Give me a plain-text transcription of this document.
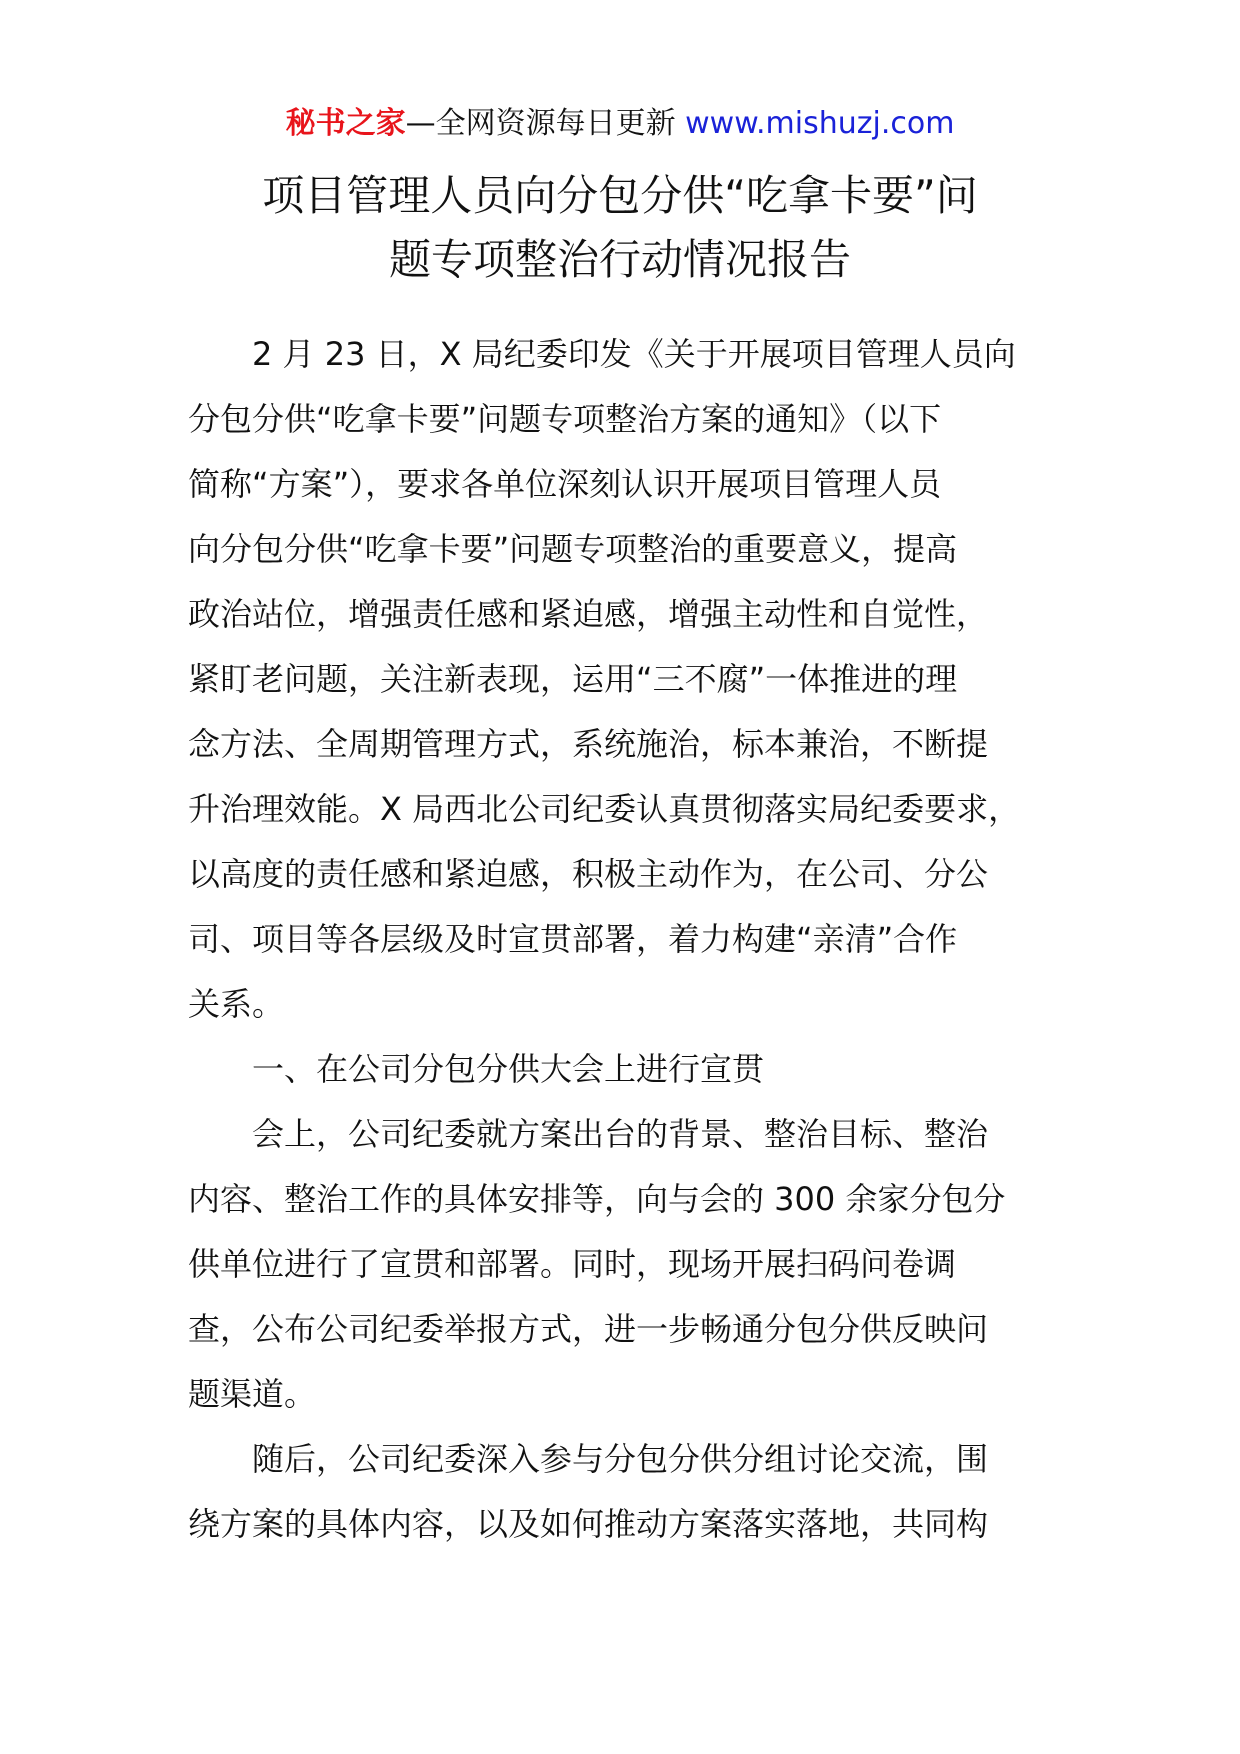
秘书之家—全网资源每日更新 www.mishuzj.com
项目管理人员向分包分供“吃拿卡要”问
题专项整治行动情况报告
　　2 月 23 日，X 局纪委印发《关于开展项目管理人员向
分包分供“吃拿卡要”问题专项整治方案的通知》（以下
简称“方案”），要求各单位深刻认识开展项目管理人员
向分包分供“吃拿卡要”问题专项整治的重要意义，提高
政治站位，增强责任感和紧迫感，增强主动性和自觉性，
紧盯老问题，关注新表现，运用“三不腐”一体推进的理
念方法、全周期管理方式，系统施治，标本兼治，不断提
升治理效能。X 局西北公司纪委认真贯彻落实局纪委要求，
以高度的责任感和紧迫感，积极主动作为，在公司、分公
司、项目等各层级及时宣贯部署，着力构建“亲清”合作
关系。
　　一、在公司分包分供大会上进行宣贯
　　会上，公司纪委就方案出台的背景、整治目标、整治
内容、整治工作的具体安排等，向与会的 300 余家分包分
供单位进行了宣贯和部署。同时，现场开展扫码问卷调
查，公布公司纪委举报方式，进一步畅通分包分供反映问
题渠道。
　　随后，公司纪委深入参与分包分供分组讨论交流，围
绕方案的具体内容，以及如何推动方案落实落地，共同构
